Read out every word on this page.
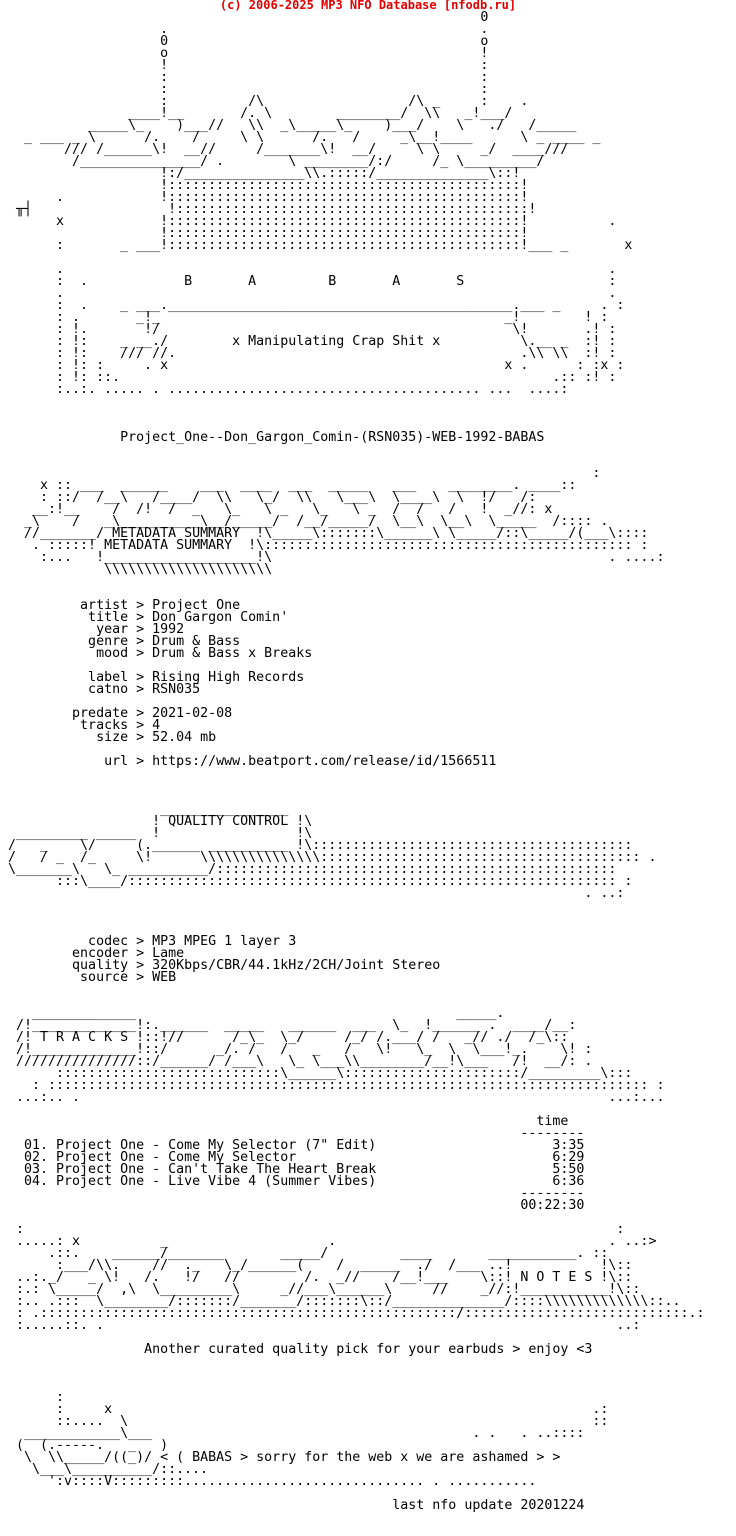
(c) 2006-2025 MP3 NFO Database [nfodb.ru]
0
.                                       .
0                                       o
o                                       !
!                                       :
:                                       :
:                                       :
:          /\                  /\ _     :    .
____!__       /. \        ________/  \\   _!___/
_____\_    )___//   \\  _\_____\_    )___/    \   ./   /_____
_ ___ _ \      /.    /     \ \      /.   /     _\__!____      \ _ ____ _
/// /______\!  __//     /_______\!  __/     \ \     _/  ____///
/_______________/ .        \ ________/:/     /_ \_________/
!:/_______________\\.:::::/______________\::!
!::::::::::::::::::::::::::::::::::::::::::::!
.            !::::::::::::::::::::::::::::::::::::::::::::!
╥┤                 !::::::::::::::::::::::::::::::::::::::::::::!
x            !::::::::::::::::::::::::::::::::::::::::::::!          .
!::::::::::::::::::::::::::::::::::::::::::::!
:       _ ___!::::::::::::::::::::::::::::::::::::::::::::!___ _       x

.                                                                    .
:  .            B       A         B       A       S                  :
.                                                                    .
:  .    _ ___.___________________________________________.___ _     . :
: .       _!_                                           _!        ! :
: !.       !/                                            \!       .! :
: !:    _ __./        x Manipulating Crap Shit x          \.__ _  :! :
: !:    /// //.                                           .\\ \\  :! :
: !: :     . x                                          x .      : :x :
: !: ::.                                                      .:: :! :
:..:. ..... . ....................................... ...  ....:

Project_One--Don_Gargon_Comin-(RSN035)-WEB-1992-BABAS

:
x :: ___  ______    ___  ____  ___  _____   ___    ________. ____::
: ::/  /__\   /____/  \\   \_/  \\   \___\  \____\  \  !/   /:
__:!__    /  /!  /  _   \_   \ _   \_   \ _  /  /   /   !  _//: x
_\    /   _\__________\__/_____/  /__/_____/  \__\  \__\  \_____  /:::: .
//_______/ METADATA SUMMARY  !\_____\:::::::\______\ \_____/::\_____/(___\::::
. :::::! METADATA SUMMARY  !\:::::::::::::::::::::::::::::::::::::::::::::: :
:...   !___________________!\                                          . ....:
\\\\\\\\\\\\\\\\\\\\\

artist > Project One
title > Don Gargon Comin'
year > 1992
genre > Drum & Bass
mood > Drum & Bass x Breaks

label > Rising High Records
catno > RSN035

predate > 2021-02-08
tracks > 4
size > 52.04 mb

url > https://www.beatport.com/release/id/1566511

________________
! QUALITY CONTROL !\
_________ _____  !                 !\
/   _    \/     (.______ __________ !\::::::::::::::::::::::::::::::::::::::::
/   / _  /_     \!      \\\\\\\\\\\\\\\:::::::::::::::::::::::::::::::::::::::: .
\_______\   \_ __________/::::::::::::::::::::::::::::::::::::::::::::::::::
:::\____/::::::::::::::::::::::::::::::::::::::::::::::::::::::::::::: :
. ..:

codec > MP3 MPEG 1 layer 3
encoder > Lame
quality > 320Kbps/CBR/44.1kHz/2CH/Joint Stereo
source > WEB

_____________                                        _____.
/!_____________!:.______  _____   ______  ___  \_  !______ .  ____/__:
/! T R A C K S !::!//      /_\_  \_/     /_/ /.___/ /   _// ./  /_\::
/!_____________!::/      _/. /   /   _   /   \!   \_  \  \___!_.    \! :
///////////////::/______/ /___\   \_ \___\\________/__!\___   /!  __/: .
::::::::::::::::::::::::::::\______\::::::::::::::::::::::/_________\:::
: ::::::::::::::::::::::::::::::::::::::::::::::::::::::::::::::::::::::::::: :
...:.. .                                                                  ...:...

time
--------
01. Project One - Come My Selector (7" Edit)                      3:35
02. Project One - Come My Selector                                6:29
03. Project One - Can't Take The Heart Break                      5:50
04. Project One - Live Vibe 4 (Summer Vibes)                      6:36
--------
00:22:30

:                                                                          :
.....: x          _                    .                                  . ..:>
.::.    ______/_______       _____/         ____       ___________. ::
:___/\\.    //  ._   \_/______(    /  _____  ./  /___ ..!           !\::
..:._/   _ \!   /.   !/   //        /.  _//    /__!___    \::! N O T E S !\::
:.: \_____/  ,\  \_________\     _//___\______\     //    _//:!___________!\::
:.. .:::  \________/:::::::/_______/:::::::\::/______________/::::\\\\\\\\\\\\\::..
: .::::::::::::::::::::::::::::::::::::::::::::::::::::/::::::::::::::::::::::::::::.:
:.....::. .                                                                ..:

Another curated quality pick for your earbuds > enjoy <3

:
:     x                                                            .:
::....  \                                                          ::
____________\___                                        . .   . ..::::
(  (.-----.   _   )
\  \\_____/((_)/ < ( BABAS > sorry for the web x we are ashamed > >
\___\__________/::....
':v::::V:::::::::.............................. . ...........

last nfo update 20201224
